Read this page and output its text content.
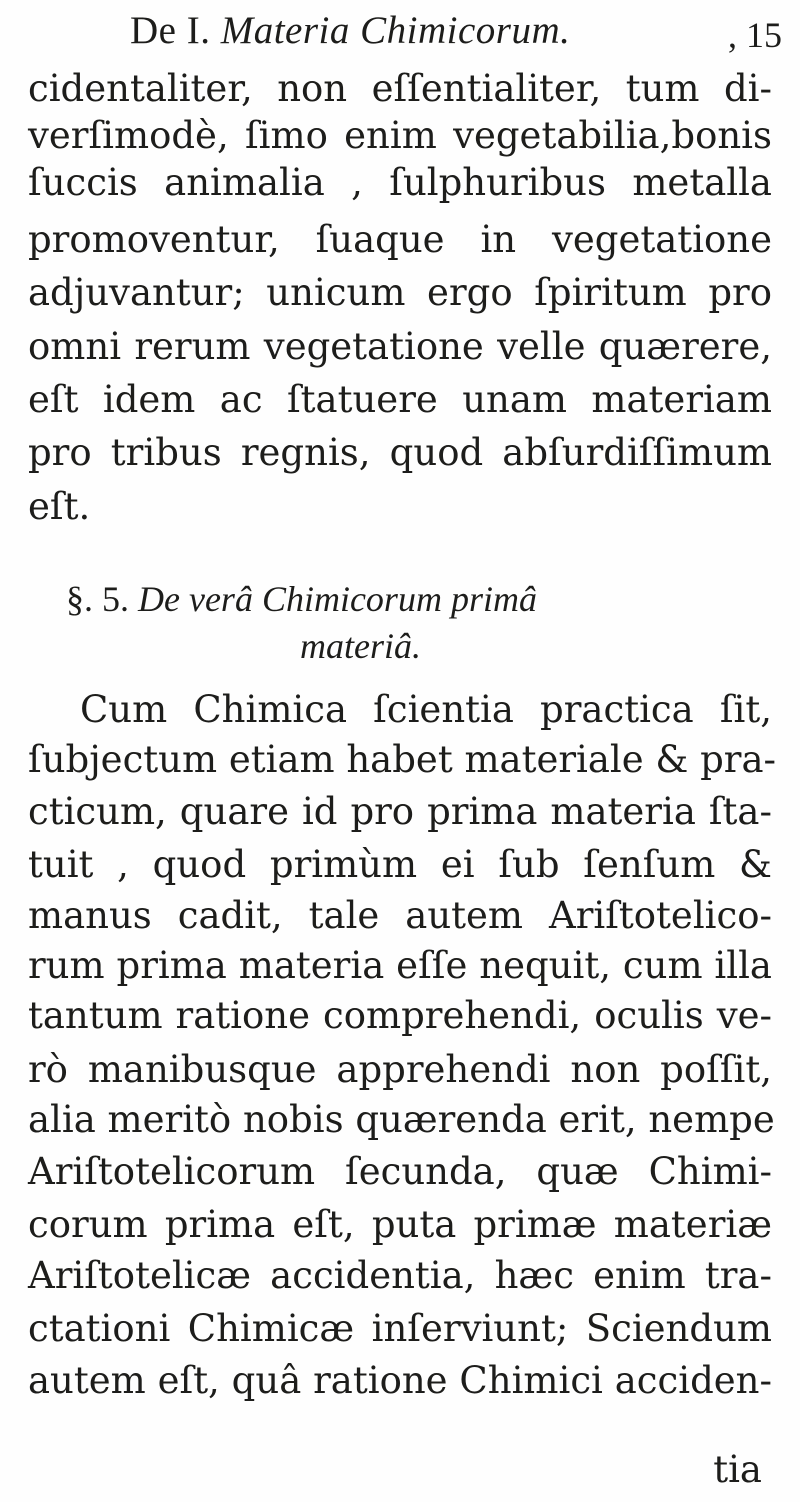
De I. Materia Chimicorum.	, 15
cidentaliter, non eſſentialiter, tum di-
verſimodè, ſimo enim vegetabilia,bonis
ſuccis animalia , ſulphuribus metalla
promoventur, ſuaque in vegetatione
adjuvantur; unicum ergo ſpiritum pro
omni rerum vegetatione velle quærere,
eſt idem ac ſtatuere unam materiam
pro tribus regnis, quod abſurdiſſimum
eſt.
§. 5. De verâ Chimicorum primâ
materiâ.
Cum Chimica ſcientia practica ſit,
ſubjectum etiam habet materiale & pra-
cticum, quare id pro prima materia ſta-
tuit , quod primùm ei ſub ſenſum &
manus cadit, tale autem Ariſtotelico-
rum prima materia eſſe nequit, cum illa
tantum ratione comprehendi, oculis ve-
rò manibusque apprehendi non poſſit,
alia meritò nobis quærenda erit, nempe
Ariſtotelicorum ſecunda, quæ Chimi-
corum prima eſt, puta primæ materiæ
Ariſtotelicæ accidentia, hæc enim tra-
ctationi Chimicæ inſerviunt; Sciendum
autem eſt, quâ ratione Chimici acciden-
tia
